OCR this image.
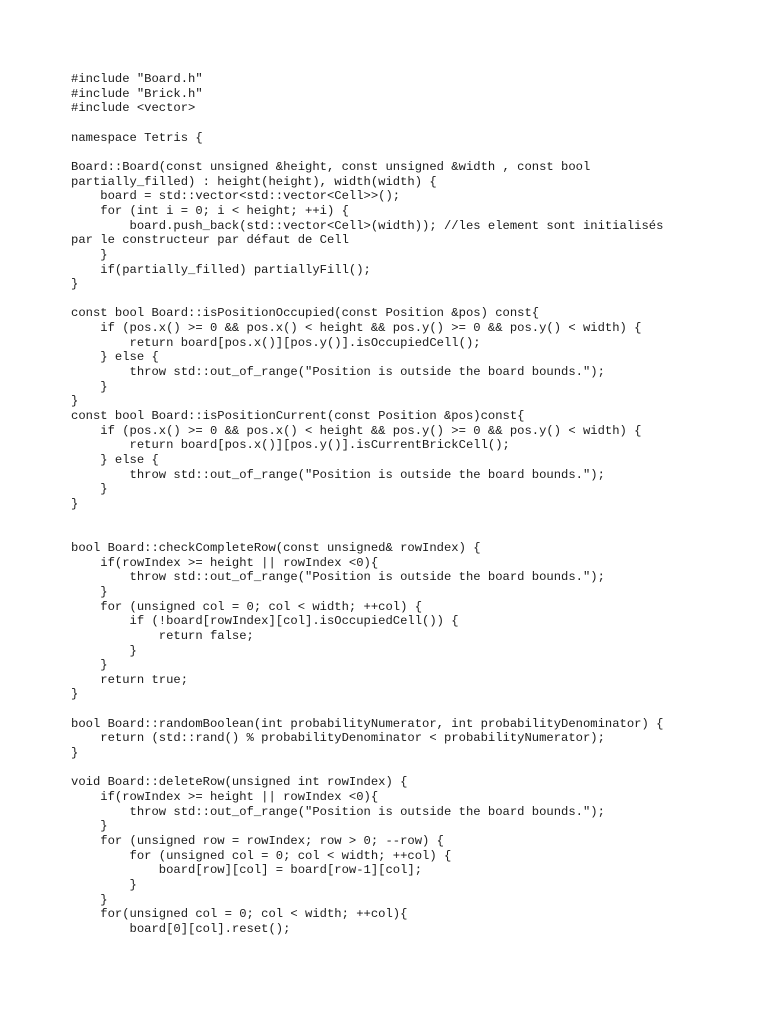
#include "Board.h"
#include "Brick.h"
#include <vector>
namespace Tetris {
Board::Board(const unsigned &height, const unsigned &width , const bool
partially_filled) : height(height), width(width) {
board = std::vector<std::vector<Cell>>();
for (int i = 0; i < height; ++i) {
board.push_back(std::vector<Cell>(width)); //les element sont initialisés
par le constructeur par défaut de Cell
}
if(partially_filled) partiallyFill();
}
const bool Board::isPositionOccupied(const Position &pos) const{
if (pos.x() >= 0 && pos.x() < height && pos.y() >= 0 && pos.y() < width) {
return board[pos.x()][pos.y()].isOccupiedCell();
} else {
throw std::out_of_range("Position is outside the board bounds.");
}
}
const bool Board::isPositionCurrent(const Position &pos)const{
if (pos.x() >= 0 && pos.x() < height && pos.y() >= 0 && pos.y() < width) {
return board[pos.x()][pos.y()].isCurrentBrickCell();
} else {
throw std::out_of_range("Position is outside the board bounds.");
}
}
bool Board::checkCompleteRow(const unsigned& rowIndex) {
if(rowIndex >= height || rowIndex <0){
throw std::out_of_range("Position is outside the board bounds.");
}
for (unsigned col = 0; col < width; ++col) {
if (!board[rowIndex][col].isOccupiedCell()) {
return false;
}
}
return true;
}
bool Board::randomBoolean(int probabilityNumerator, int probabilityDenominator) {
return (std::rand() % probabilityDenominator < probabilityNumerator);
}
void Board::deleteRow(unsigned int rowIndex) {
if(rowIndex >= height || rowIndex <0){
throw std::out_of_range("Position is outside the board bounds.");
}
for (unsigned row = rowIndex; row > 0; --row) {
for (unsigned col = 0; col < width; ++col) {
board[row][col] = board[row-1][col];
}
}
for(unsigned col = 0; col < width; ++col){
board[0][col].reset();
